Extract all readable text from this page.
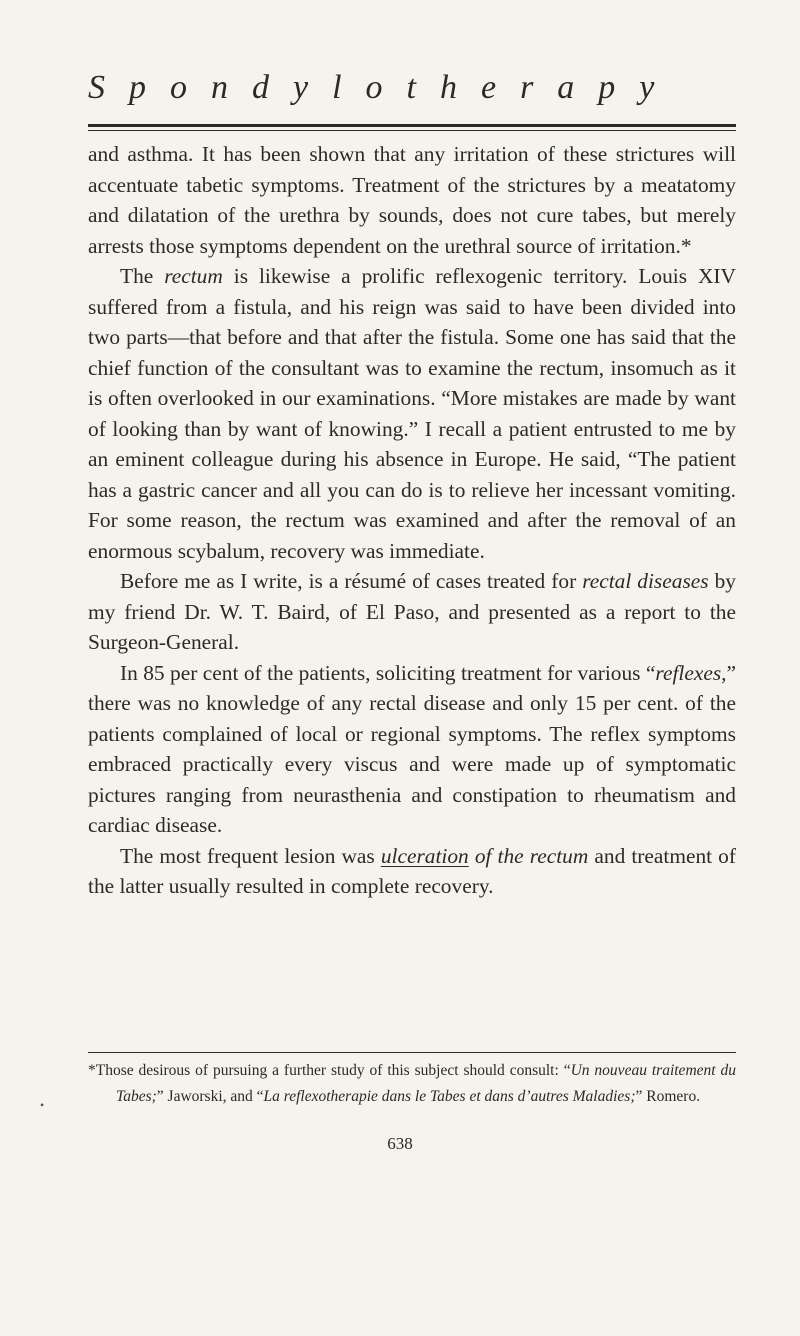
Spondylotherapy

and asthma. It has been shown that any irritation of these strictures will accentuate tabetic symptoms. Treatment of the strictures by a meatatomy and dilatation of the urethra by sounds, does not cure tabes, but merely arrests those symptoms dependent on the urethral source of irritation.*

The rectum is likewise a prolific reflexogenic territory. Louis XIV suffered from a fistula, and his reign was said to have been divided into two parts—that before and that after the fistula. Some one has said that the chief function of the consultant was to examine the rectum, insomuch as it is often overlooked in our examinations. “More mistakes are made by want of looking than by want of knowing.” I recall a patient entrusted to me by an eminent colleague during his absence in Europe. He said, “The patient has a gastric cancer and all you can do is to relieve her incessant vomiting. For some reason, the rectum was examined and after the removal of an enormous scybalum, recovery was immediate.

Before me as I write, is a résumé of cases treated for rectal diseases by my friend Dr. W. T. Baird, of El Paso, and presented as a report to the Surgeon-General.

In 85 per cent of the patients, soliciting treatment for various “reflexes,” there was no knowledge of any rectal disease and only 15 per cent. of the patients complained of local or regional symptoms. The reflex symptoms embraced practically every viscus and were made up of symptomatic pictures ranging from neurasthenia and constipation to rheumatism and cardiac disease.

The most frequent lesion was ulceration of the rectum and treatment of the latter usually resulted in complete recovery.

*Those desirous of pursuing a further study of this subject should consult: “Un nouveau traitement du Tabes;” Jaworski, and “La reflexotherapie dans le Tabes et dans d’autres Maladies;” Romero.

•
638
